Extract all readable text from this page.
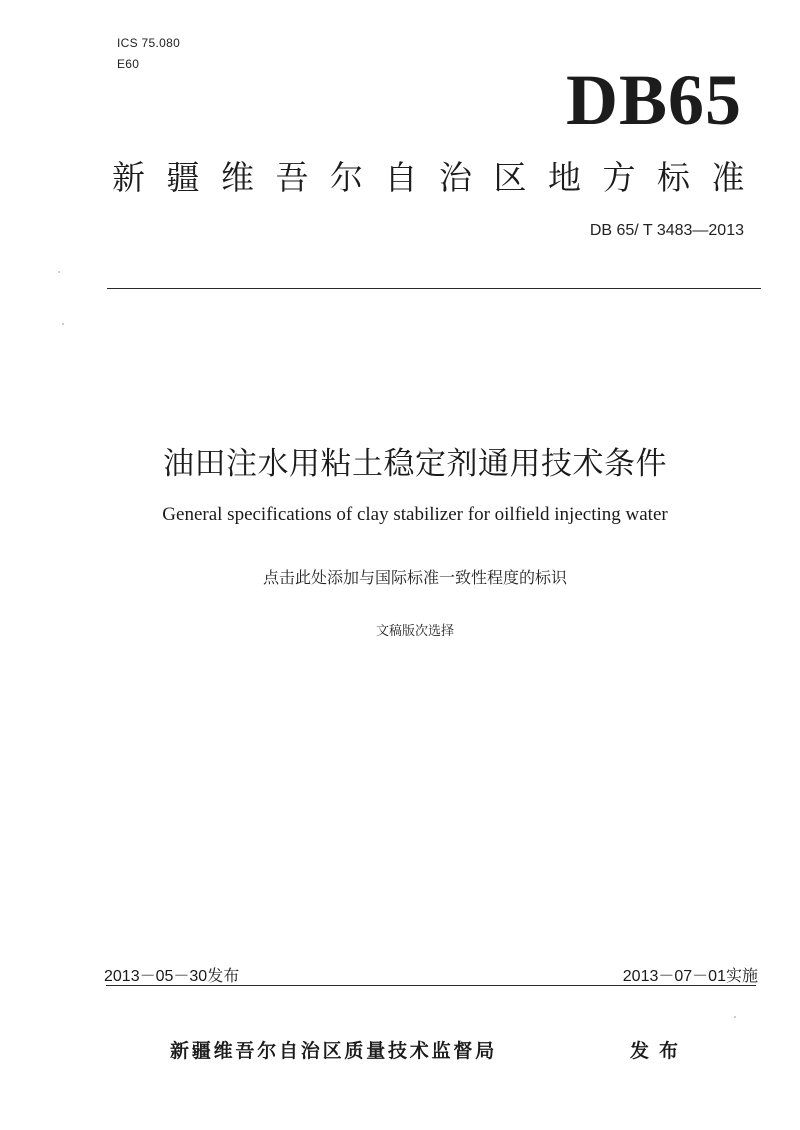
ICS 75.080
E60	DB65
新疆维吾尔自治区地方标准
DB 65/ T 3483—2013
油田注水用粘土稳定剂通用技术条件
General specifications of clay stabilizer for oilfield injecting water
点击此处添加与国际标准一致性程度的标识
文稿版次选择
2013－05－30发布	2013－07－01实施
新疆维吾尔自治区质量技术监督局	发布
